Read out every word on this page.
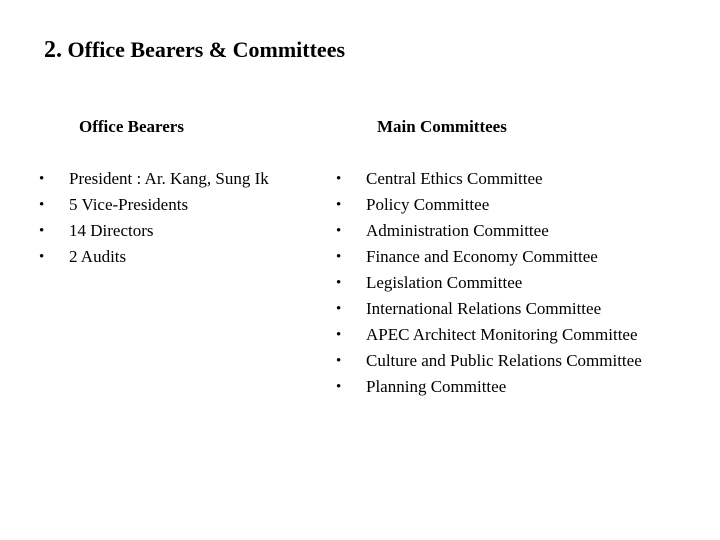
2. Office Bearers & Committees
Office Bearers	Main Committees
•	President : Ar. Kang, Sung Ik
•	5 Vice-Presidents
•	14 Directors
•	2 Audits
•	Central Ethics Committee
•	Policy Committee
•	Administration Committee
•	Finance and Economy Committee
•	Legislation Committee
•	International Relations Committee
•	APEC Architect Monitoring Committee
•	Culture and Public Relations Committee
•	Planning Committee
